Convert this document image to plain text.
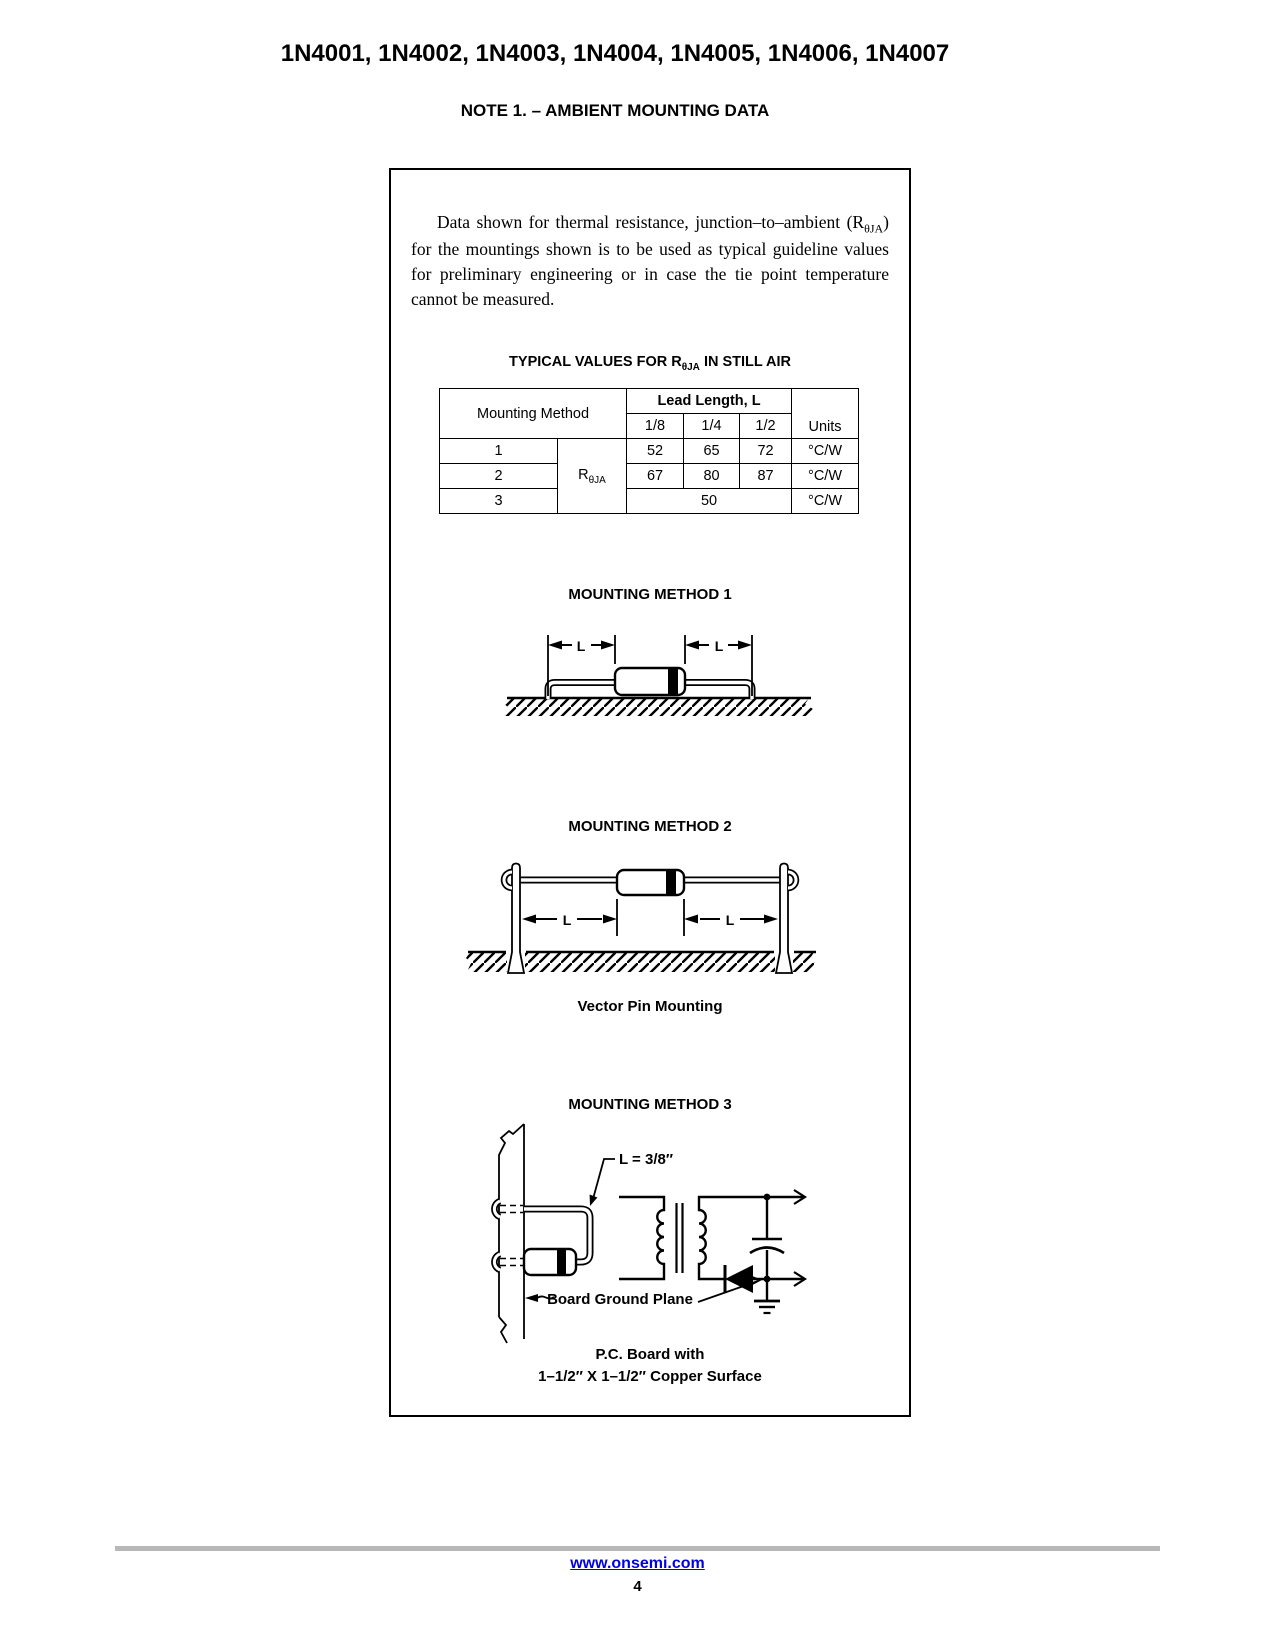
1N4001, 1N4002, 1N4003, 1N4004, 1N4005, 1N4006, 1N4007
NOTE 1. – AMBIENT MOUNTING DATA

Data shown for thermal resistance, junction–to–ambient $(R_{\theta JA})$ for the mountings shown is to be used as typical guideline values for preliminary engineering or in case the tie point temperature cannot be measured.

TYPICAL VALUES FOR $R_{\theta JA}$ IN STILL AIR
Mounting Method		Lead Length, L			Units
		1/8	1/4	1/2	
1	$R_{\theta JA}$	52	65	72	°C/W
2		67	80	87	°C/W
3		50			°C/W
MOUNTING METHOD 1
L	L
MOUNTING METHOD 2
L	L
Vector Pin Mounting
MOUNTING METHOD 3
L = 3/8″
Board Ground Plane
P.C. Board with
1–1/2″ X 1–1/2″ Copper Surface
www.onsemi.com
4
